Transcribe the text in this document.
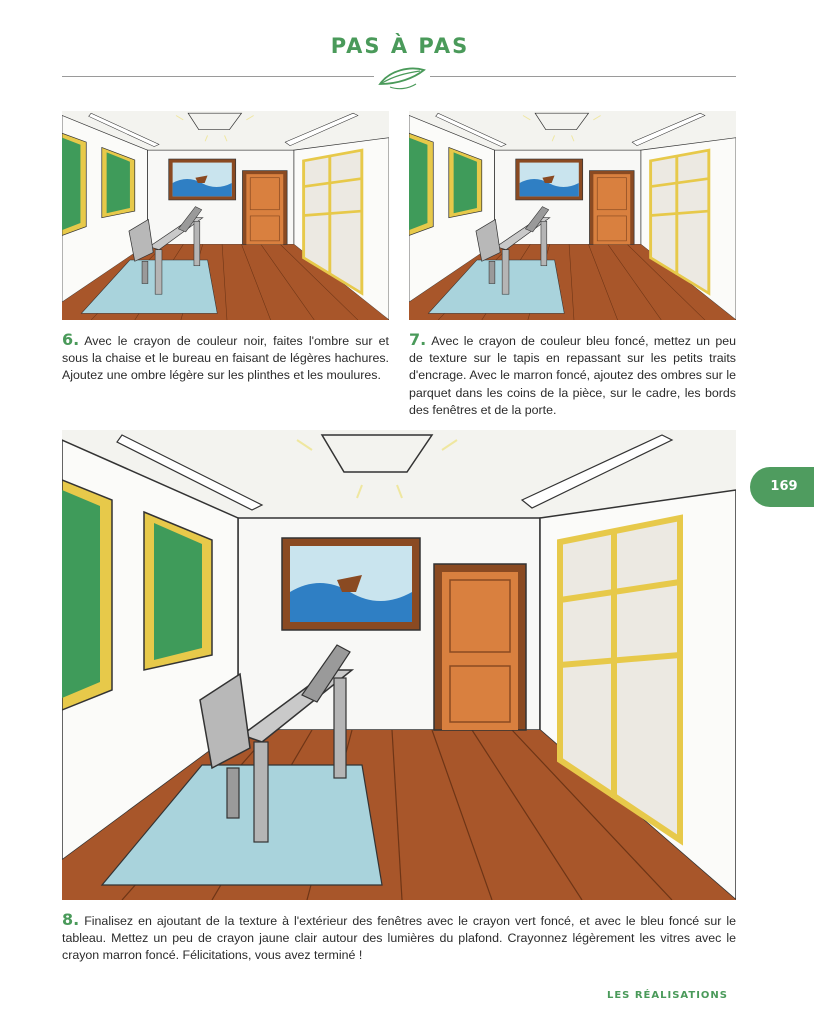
PAS À PAS
6. Avec le crayon de couleur noir, faites l'ombre sur et sous la chaise et le bureau en faisant de légères hachures. Ajoutez une ombre légère sur les plinthes et les moulures.
7. Avec le crayon de couleur bleu foncé, mettez un peu de texture sur le tapis en repassant sur les petits traits d'encrage. Avec le marron foncé, ajoutez des ombres sur le parquet dans les coins de la pièce, sur le cadre, les bords des fenêtres et de la porte.
8. Finalisez en ajoutant de la texture à l'extérieur des fenêtres avec le crayon vert foncé, et avec le bleu foncé sur le tableau. Mettez un peu de crayon jaune clair autour des lumières du plafond. Crayonnez légèrement les vitres avec le crayon marron foncé. Félicitations, vous avez terminé !
169
LES RÉALISATIONS
